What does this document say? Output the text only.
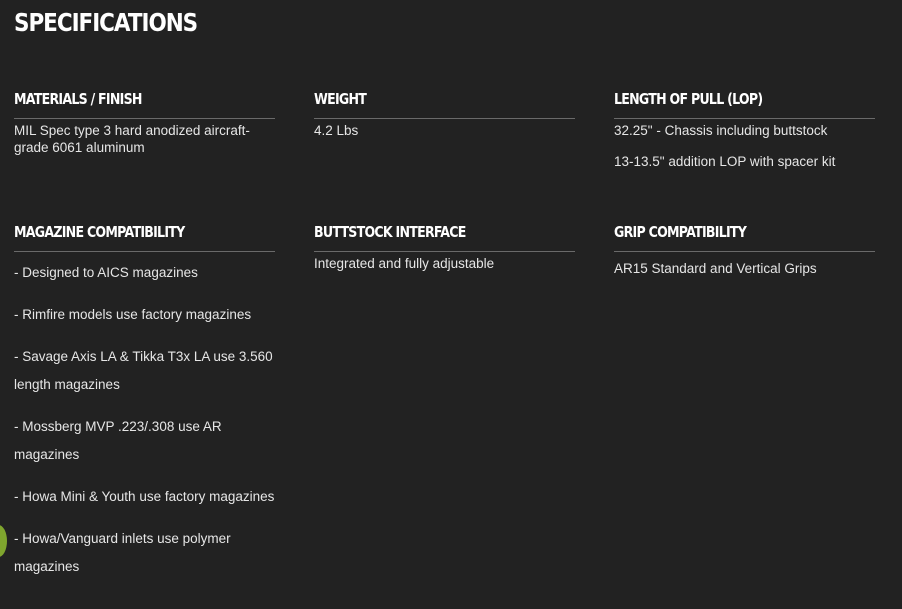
SPECIFICATIONS
MATERIALS / FINISH

MIL Spec type 3 hard anodized aircraft-grade 6061 aluminum

WEIGHT

4.2 Lbs

LENGTH OF PULL (LOP)

32.25" - Chassis including buttstock

13-13.5" addition LOP with spacer kit

MAGAZINE COMPATIBILITY

- Designed to AICS magazines

- Rimfire models use factory magazines

- Savage Axis LA & Tikka T3x LA use 3.560 length magazines

- Mossberg MVP .223/.308 use AR magazines

- Howa Mini & Youth use factory magazines

- Howa/Vanguard inlets use polymer magazines

BUTTSTOCK INTERFACE

Integrated and fully adjustable

GRIP COMPATIBILITY

AR15 Standard and Vertical Grips
